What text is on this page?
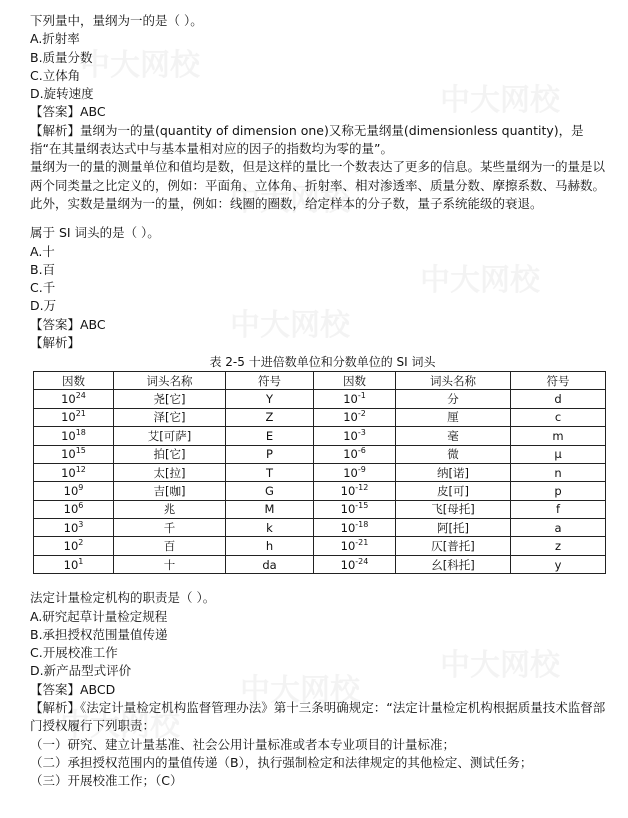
下列量中，量纲为一的是（ ）。
A.折射率
B.质量分数
C.立体角
D.旋转速度
【答案】ABC
【解析】量纲为一的量(quantity of dimension one)又称无量纲量(dimensionless quantity)，是指“在其量纲表达式中与基本量相对应的因子的指数均为零的量”。
量纲为一的量的测量单位和值均是数，但是这样的量比一个数表达了更多的信息。某些量纲为一的量是以两个同类量之比定义的，例如：平面角、立体角、折射率、相对渗透率、质量分数、摩擦系数、马赫数。此外，实数是量纲为一的量，例如：线圈的圈数，给定样本的分子数，量子系统能级的衰退。
属于 SI 词头的是（ ）。
A.十
B.百
C.千
D.万
【答案】ABC
【解析】
表 2-5 十进倍数单位和分数单位的 SI 词头
因数	词头名称	符号	因数	词头名称	符号
$10^{24}$	尧[它]	Y	$10^{-1}$	分	d
$10^{21}$	泽[它]	Z	$10^{-2}$	厘	c
$10^{18}$	艾[可萨]	E	$10^{-3}$	毫	m
$10^{15}$	拍[它]	P	$10^{-6}$	微	μ
$10^{12}$	太[拉]	T	$10^{-9}$	纳[诺]	n
$10^9$	吉[咖]	G	$10^{-12}$	皮[可]	p
$10^6$	兆	M	$10^{-15}$	飞[母托]	f
$10^3$	千	k	$10^{-18}$	阿[托]	a
$10^2$	百	h	$10^{-21}$	仄[普托]	z
$10^1$	十	da	$10^{-24}$	幺[科托]	y
法定计量检定机构的职责是（ ）。
A.研究起草计量检定规程
B.承担授权范围量值传递
C.开展校准工作
D.新产品型式评价
【答案】ABCD
【解析】《法定计量检定机构监督管理办法》第十三条明确规定：“法定计量检定机构根据质量技术监督部门授权履行下列职责：
（一）研究、建立计量基准、社会公用计量标准或者本专业项目的计量标准；
（二）承担授权范围内的量值传递（B），执行强制检定和法律规定的其他检定、测试任务；
（三）开展校准工作；（C）
